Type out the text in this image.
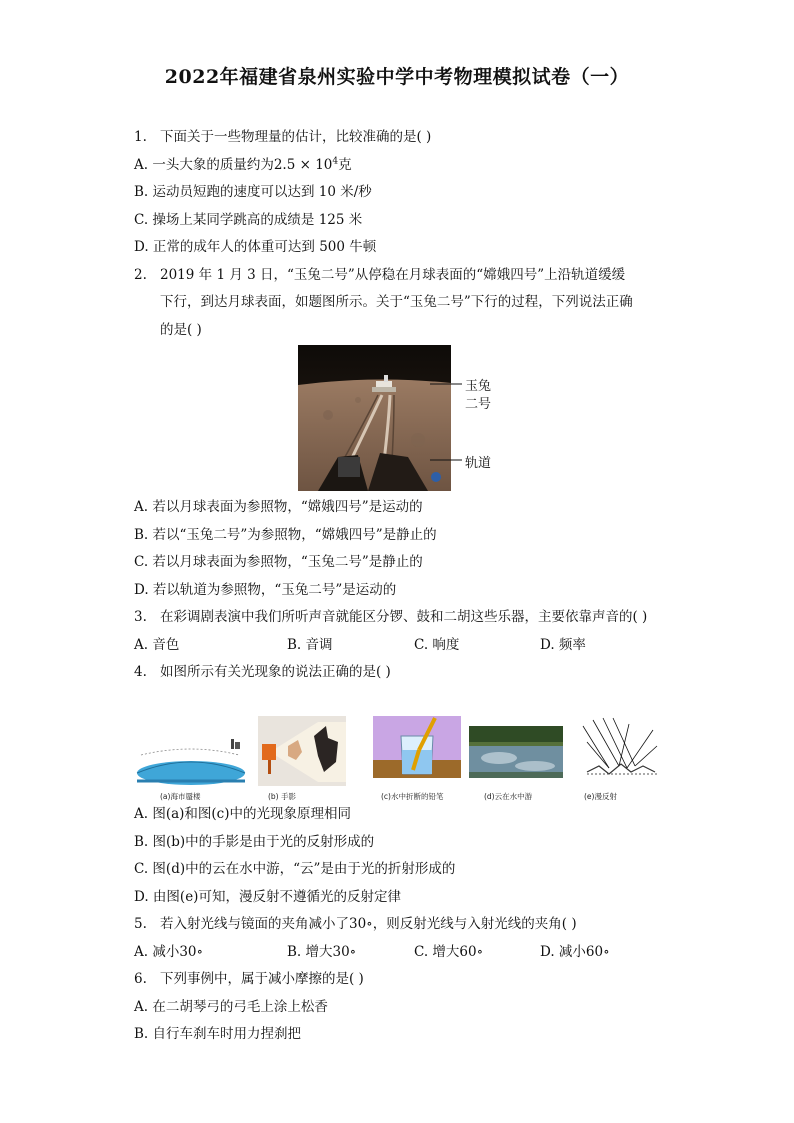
2022年福建省泉州实验中学中考物理模拟试卷（一）
1. 下面关于一些物理量的估计，比较准确的是( )
A. 一头大象的质量约为$2.5 \times 10^4$克
B. 运动员短跑的速度可以达到 10 米/秒
C. 操场上某同学跳高的成绩是 125 米
D. 正常的成年人的体重可达到 500 牛顿
2. 2019 年 1 月 3 日，“玉兔二号”从停稳在月球表面的“嫦娥四号”上沿轨道缓缓
下行，到达月球表面，如题图所示。关于“玉兔二号”下行的过程，下列说法正确
的是( )
玉兔
二号
轨道
A. 若以月球表面为参照物，“嫦娥四号”是运动的
B. 若以“玉兔二号”为参照物，“嫦娥四号”是静止的
C. 若以月球表面为参照物，“玉兔二号”是静止的
D. 若以轨道为参照物，“玉兔二号”是运动的
3. 在彩调剧表演中我们所听声音就能区分锣、鼓和二胡这些乐器，主要依靠声音的( )
A. 音色	B. 音调	C. 响度	D. 频率
4. 如图所示有关光现象的说法正确的是( )
(a)海市蜃楼	(b) 手影	(c)水中折断的铅笔	(d)云在水中游	(e)漫反射
A. 图(a)和图(c)中的光现象原理相同
B. 图(b)中的手影是由于光的反射形成的
C. 图(d)中的云在水中游，“云”是由于光的折射形成的
D. 由图(e)可知，漫反射不遵循光的反射定律
5. 若入射光线与镜面的夹角减小了30∘，则反射光线与入射光线的夹角( )
A. 减小30∘	B. 增大30∘	C. 增大60∘	D. 减小60∘
6. 下列事例中，属于减小摩擦的是( )
A. 在二胡琴弓的弓毛上涂上松香
B. 自行车刹车时用力捏刹把
